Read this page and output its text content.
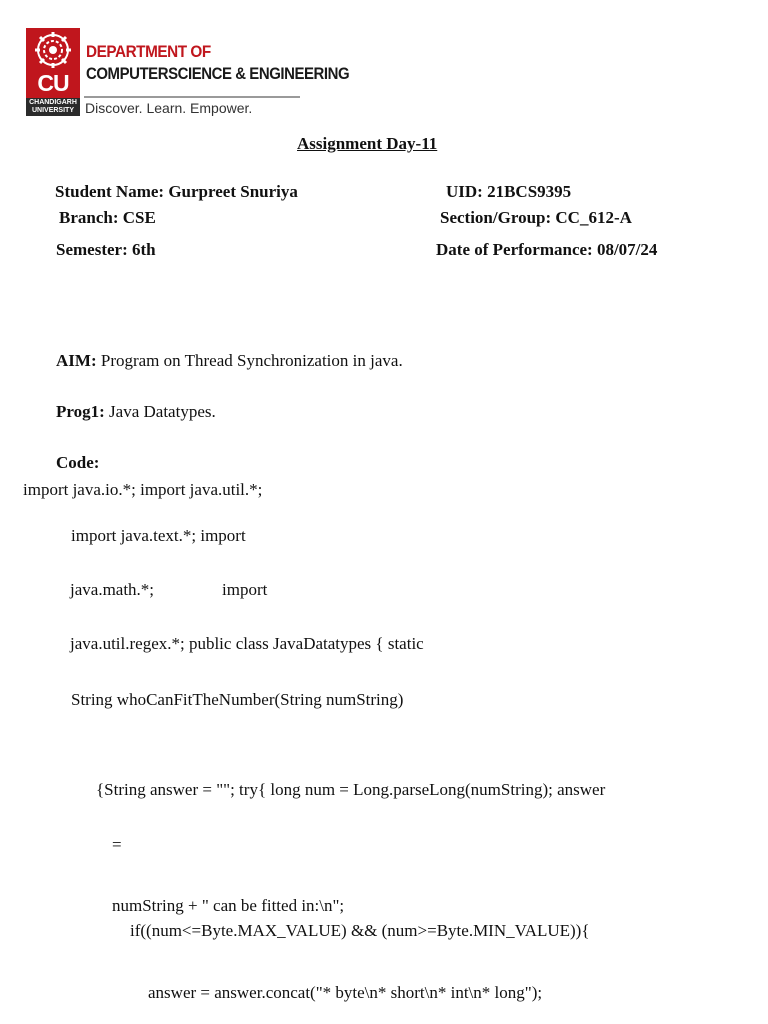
CU
CHANDIGARH
UNIVERSITY
DEPARTMENT OF
COMPUTERSCIENCE & ENGINEERING
Discover. Learn. Empower.
Assignment Day-11
Student Name: Gurpreet Snuriya	UID: 21BCS9395
Branch: CSE	Section/Group: CC_612-A
Semester: 6th	Date of Performance: 08/07/24
AIM: Program on Thread Synchronization in java.
Prog1: Java Datatypes.
Code:
import java.io.*; import java.util.*;
import java.text.*; import
java.math.*;	import
java.util.regex.*; public class JavaDatatypes { static
String whoCanFitTheNumber(String numString)
{String answer = ""; try{ long num = Long.parseLong(numString); answer
=
numString + " can be fitted in:\n";
if((num<=Byte.MAX_VALUE) && (num>=Byte.MIN_VALUE)){
answer = answer.concat("* byte\n* short\n* int\n* long");
